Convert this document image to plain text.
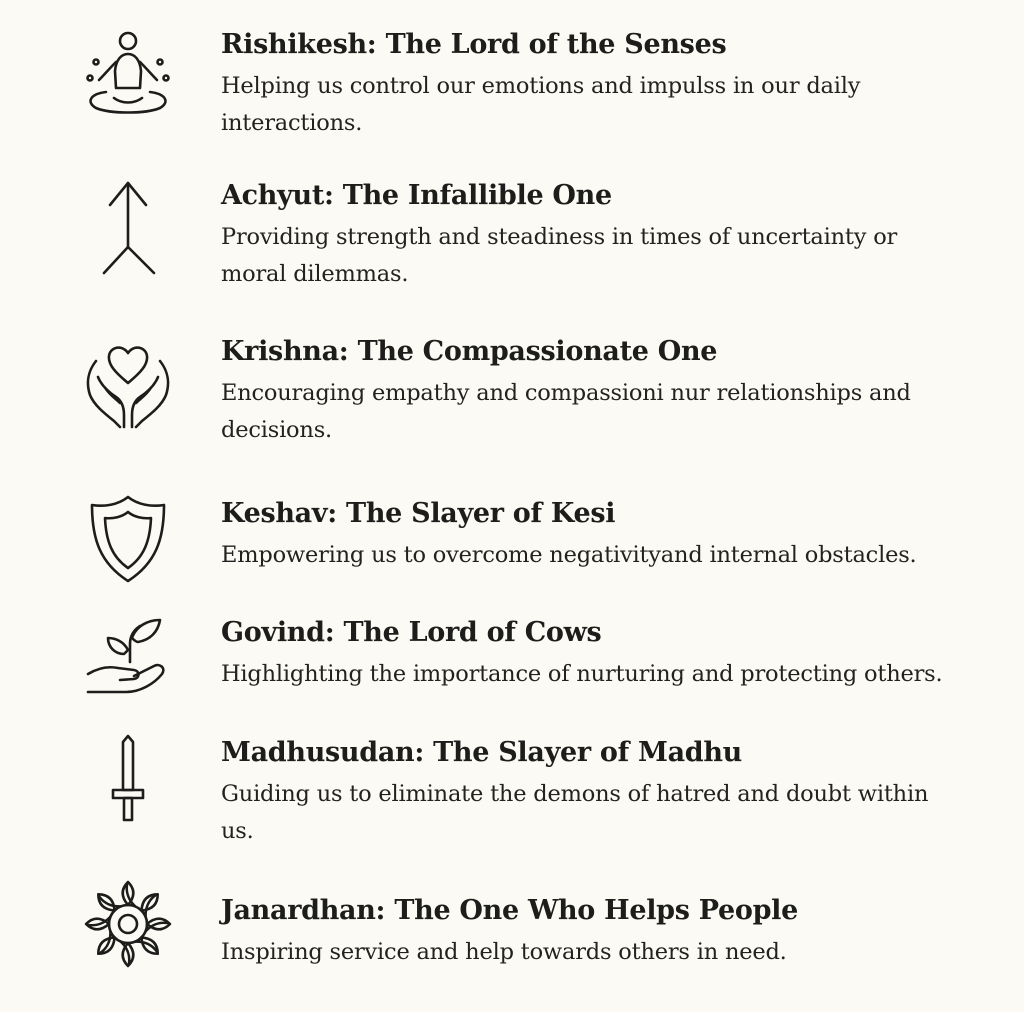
Rishikesh: The Lord of the Senses
Helping us control our emotions and impulss in our daily interactions.
Achyut: The Infallible One
Providing strength and steadiness in times of uncertainty or moral dilemmas.
Krishna: The Compassionate One
Encouraging empathy and compassioni nur relationships and decisions.
Keshav: The Slayer of Kesi
Empowering us to overcome negativityand internal obstacles.
Govind: The Lord of Cows
Highlighting the importance of nurturing and protecting others.
Madhusudan: The Slayer of Madhu
Guiding us to eliminate the demons of hatred and doubt within us.
Janardhan: The One Who Helps People
Inspiring service and help towards others in need.
